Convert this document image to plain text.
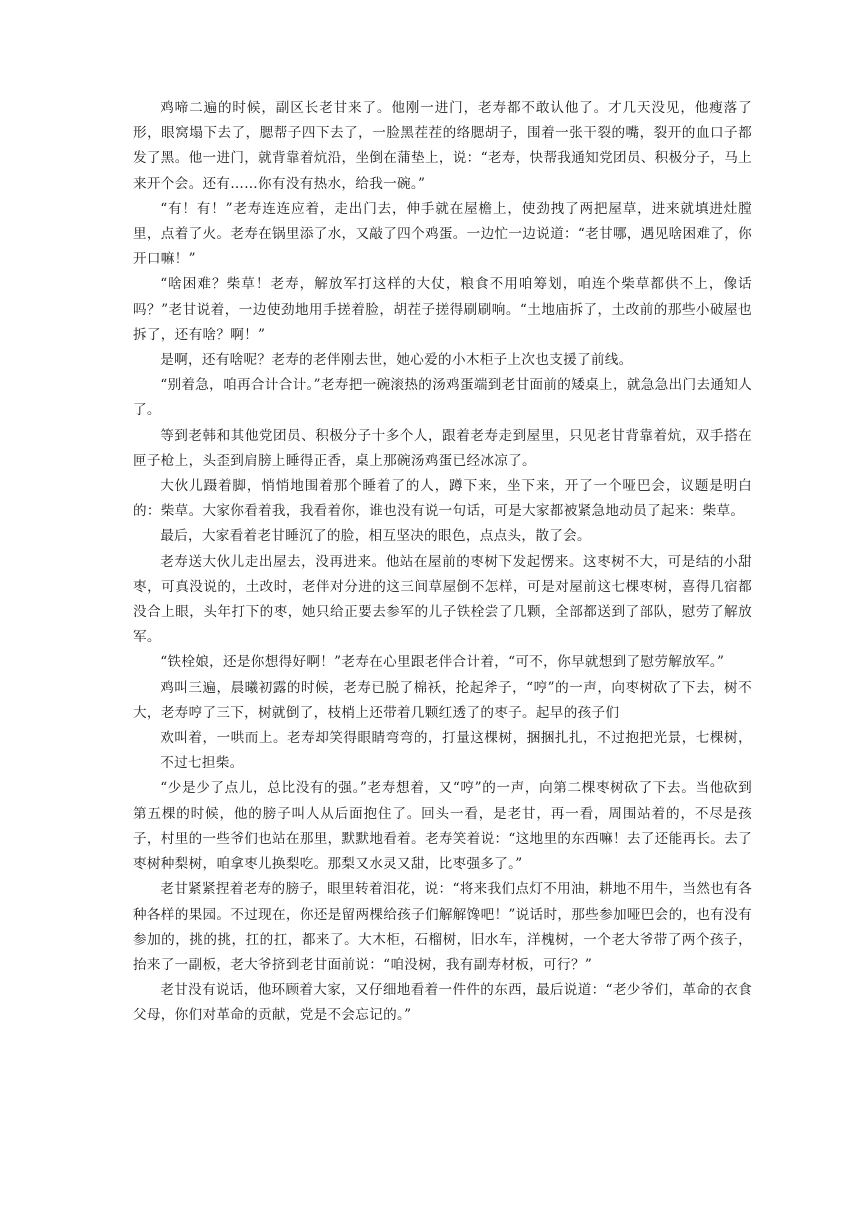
鸡啼二遍的时候，副区长老甘来了。他刚一进门，老寿都不敢认他了。才几天没见，他瘦落了形，眼窝塌下去了，腮帮子四下去了，一脸黑茬茬的络腮胡子，围着一张干裂的嘴，裂开的血口子都发了黑。他一进门，就背靠着炕沿，坐倒在蒲垫上，说：“老寿，快帮我通知党团员、积极分子，马上来开个会。还有……你有没有热水，给我一碗。”

“有！有！”老寿连连应着，走出门去，伸手就在屋檐上，使劲拽了两把屋草，进来就填进灶膛里，点着了火。老寿在锅里添了水，又敲了四个鸡蛋。一边忙一边说道：“老甘哪，遇见啥困难了，你开口嘛！”

“啥困难？柴草！老寿，解放军打这样的大仗，粮食不用咱筹划，咱连个柴草都供不上，像话吗？”老甘说着，一边使劲地用手搓着脸，胡茬子搓得刷刷响。“土地庙拆了，土改前的那些小破屋也拆了，还有啥？啊！”

是啊，还有啥呢？老寿的老伴刚去世，她心爱的小木柜子上次也支援了前线。

“别着急，咱再合计合计。”老寿把一碗滚热的汤鸡蛋端到老甘面前的矮桌上，就急急出门去通知人了。

等到老韩和其他党团员、积极分子十多个人，跟着老寿走到屋里，只见老甘背靠着炕，双手搭在匣子枪上，头歪到肩膀上睡得正香，桌上那碗汤鸡蛋已经冰凉了。

大伙儿蹑着脚，悄悄地围着那个睡着了的人，蹲下来，坐下来，开了一个哑巴会，议题是明白的：柴草。大家你看着我，我看着你，谁也没有说一句话，可是大家都被紧急地动员了起来：柴草。

最后，大家看着老甘睡沉了的脸，相互坚决的眼色，点点头，散了会。

老寿送大伙儿走出屋去，没再进来。他站在屋前的枣树下发起愣来。这枣树不大，可是结的小甜枣，可真没说的，土改时，老伴对分进的这三间草屋倒不怎样，可是对屋前这七棵枣树，喜得几宿都没合上眼，头年打下的枣，她只给正要去参军的儿子铁栓尝了几颗，全部都送到了部队，慰劳了解放军。

“铁栓娘，还是你想得好啊！”老寿在心里跟老伴合计着，“可不，你早就想到了慰劳解放军。”

鸡叫三遍，晨曦初露的时候，老寿已脱了棉袄，抡起斧子，“哼”的一声，向枣树砍了下去，树不大，老寿哼了三下，树就倒了，枝梢上还带着几颗红透了的枣子。起早的孩子们

欢叫着，一哄而上。老寿却笑得眼睛弯弯的，打量这棵树，捆捆扎扎，不过抱把光景，七棵树，不过七担柴。

“少是少了点儿，总比没有的强。”老寿想着，又“哼”的一声，向第二棵枣树砍了下去。当他砍到第五棵的时候，他的膀子叫人从后面抱住了。回头一看，是老甘，再一看，周围站着的，不尽是孩子，村里的一些爷们也站在那里，默默地看着。老寿笑着说：“这地里的东西嘛！去了还能再长。去了枣树种梨树，咱拿枣儿换梨吃。那梨又水灵又甜，比枣强多了。”

老甘紧紧捏着老寿的膀子，眼里转着泪花，说：“将来我们点灯不用油，耕地不用牛，当然也有各种各样的果园。不过现在，你还是留两棵给孩子们解解馋吧！”说话时，那些参加哑巴会的，也有没有参加的，挑的挑，扛的扛，都来了。大木柜，石榴树，旧水车，洋槐树，一个老大爷带了两个孩子，抬来了一副板，老大爷挤到老甘面前说：“咱没树，我有副寿材板，可行？”

老甘没有说话，他环顾着大家，又仔细地看着一件件的东西，最后说道：“老少爷们，革命的衣食父母，你们对革命的贡献，党是不会忘记的。”
